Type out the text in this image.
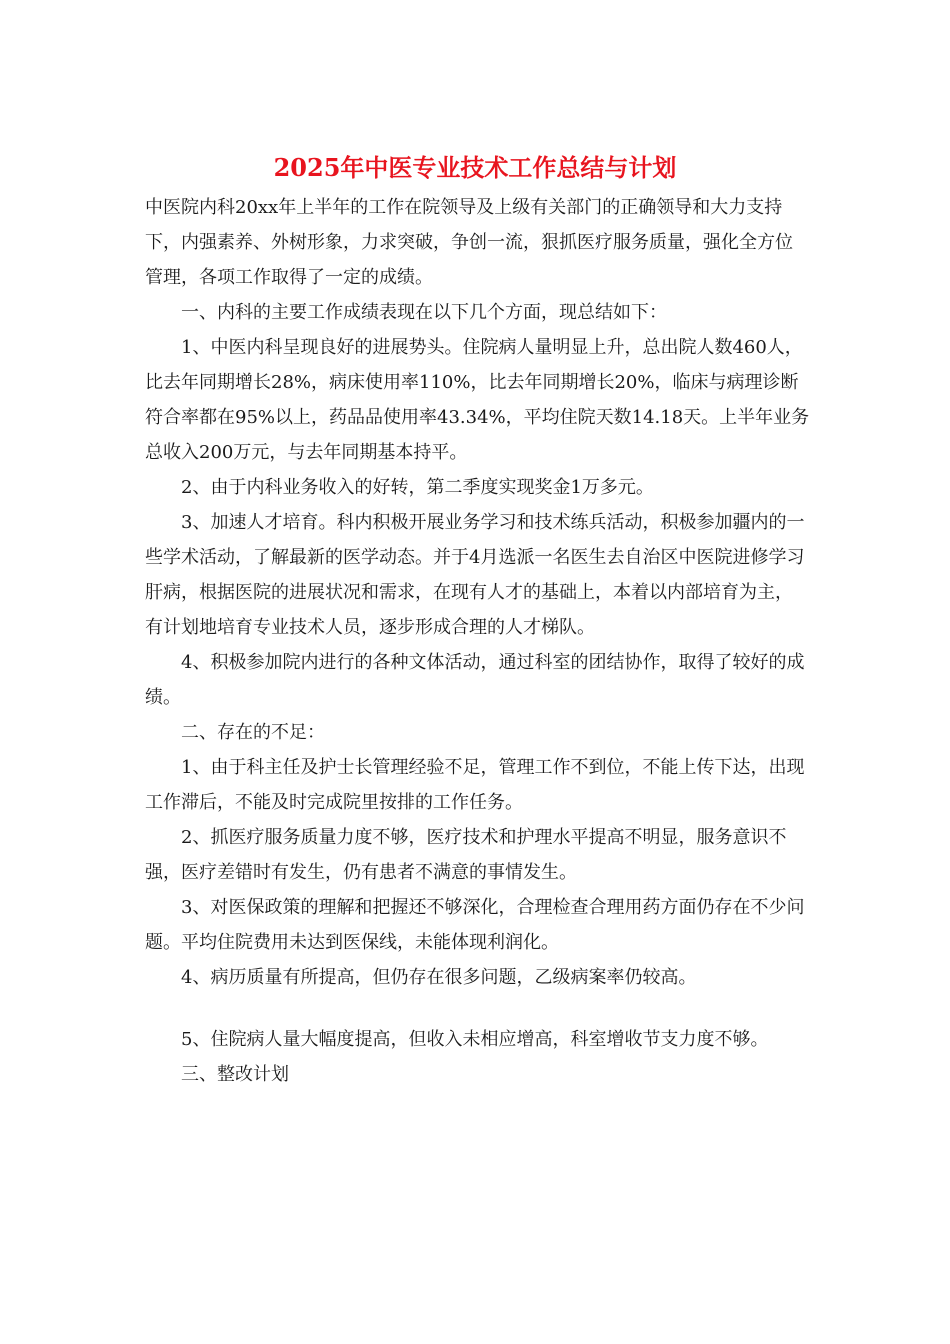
2025年中医专业技术工作总结与计划

中医院内科20xx年上半年的工作在院领导及上级有关部门的正确领导和大力支持下，内强素养、外树形象，力求突破，争创一流，狠抓医疗服务质量，强化全方位管理，各项工作取得了一定的成绩。

一、内科的主要工作成绩表现在以下几个方面，现总结如下：

1、中医内科呈现良好的进展势头。住院病人量明显上升，总出院人数460人，比去年同期增长28%，病床使用率110%，比去年同期增长20%，临床与病理诊断符合率都在95%以上，药品品使用率43.34%，平均住院天数14.18天。上半年业务总收入200万元，与去年同期基本持平。

2、由于内科业务收入的好转，第二季度实现奖金1万多元。

3、加速人才培育。科内积极开展业务学习和技术练兵活动，积极参加疆内的一些学术活动，了解最新的医学动态。并于4月选派一名医生去自治区中医院进修学习肝病，根据医院的进展状况和需求，在现有人才的基础上，本着以内部培育为主，有计划地培育专业技术人员，逐步形成合理的人才梯队。

4、积极参加院内进行的各种文体活动，通过科室的团结协作，取得了较好的成绩。

二、存在的不足：

1、由于科主任及护士长管理经验不足，管理工作不到位，不能上传下达，出现工作滞后，不能及时完成院里按排的工作任务。

2、抓医疗服务质量力度不够，医疗技术和护理水平提高不明显，服务意识不强，医疗差错时有发生，仍有患者不满意的事情发生。

3、对医保政策的理解和把握还不够深化，合理检查合理用药方面仍存在不少问题。平均住院费用未达到医保线，未能体现利润化。

4、病历质量有所提高，但仍存在很多问题，乙级病案率仍较高。

5、住院病人量大幅度提高，但收入未相应增高，科室增收节支力度不够。

三、整改计划
